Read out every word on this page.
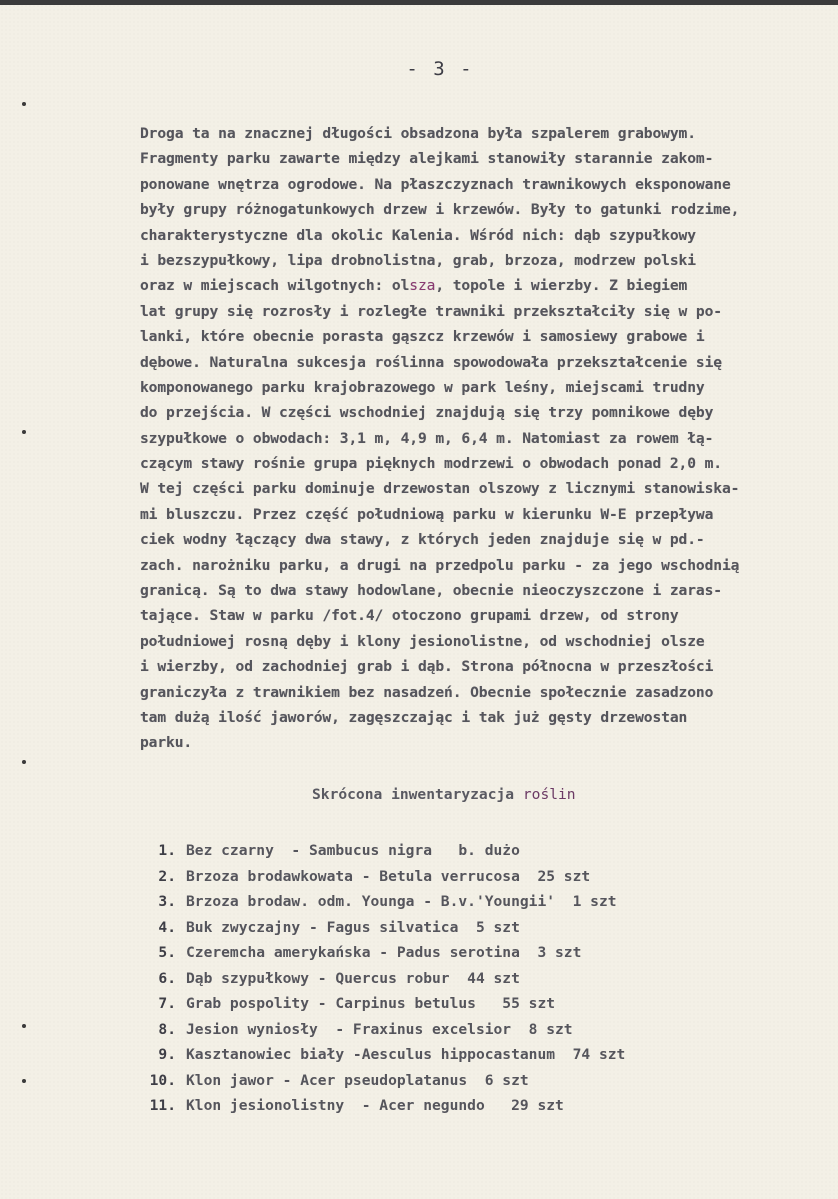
- 3 -
Droga ta na znacznej długości obsadzona była szpalerem grabowym.
Fragmenty parku zawarte między alejkami stanowiły starannie zakom-
ponowane wnętrza ogrodowe. Na płaszczyznach trawnikowych eksponowane
były grupy różnogatunkowych drzew i krzewów. Były to gatunki rodzime,
charakterystyczne dla okolic Kalenia. Wśród nich: dąb szypułkowy
i bezszypułkowy, lipa drobnolistna, grab, brzoza, modrzew polski
oraz w miejscach wilgotnych: olsza, topole i wierzby. Z biegiem
lat grupy się rozrosły i rozległe trawniki przekształciły się w po-
lanki, które obecnie porasta gąszcz krzewów i samosiewy grabowe i
dębowe. Naturalna sukcesja roślinna spowodowała przekształcenie się
komponowanego parku krajobrazowego w park leśny, miejscami trudny
do przejścia. W części wschodniej znajdują się trzy pomnikowe dęby
szypułkowe o obwodach: 3,1 m, 4,9 m, 6,4 m. Natomiast za rowem łą-
czącym stawy rośnie grupa pięknych modrzewi o obwodach ponad 2,0 m.
W tej części parku dominuje drzewostan olszowy z licznymi stanowiska-
mi bluszczu. Przez część południową parku w kierunku W-E przepływa
ciek wodny łączący dwa stawy, z których jeden znajduje się w pd.-
zach. narożniku parku, a drugi na przedpolu parku - za jego wschodnią
granicą. Są to dwa stawy hodowlane, obecnie nieoczyszczone i zaras-
tające. Staw w parku /fot.4/ otoczono grupami drzew, od strony
południowej rosną dęby i klony jesionolistne, od wschodniej olsze
i wierzby, od zachodniej grab i dąb. Strona północna w przeszłości
graniczyła z trawnikiem bez nasadzeń. Obecnie społecznie zasadzono
tam dużą ilość jaworów, zagęszczając i tak już gęsty drzewostan
parku.
Skrócona inwentaryzacja roślin
1. Bez czarny  - Sambucus nigra   b. dużo
2. Brzoza brodawkowata - Betula verrucosa  25 szt
3. Brzoza brodaw. odm. Younga - B.v.'Youngii'  1 szt
4. Buk zwyczajny - Fagus silvatica  5 szt
5. Czeremcha amerykańska - Padus serotina  3 szt
6. Dąb szypułkowy - Quercus robur  44 szt
7. Grab pospolity - Carpinus betulus   55 szt
8. Jesion wyniosły  - Fraxinus excelsior  8 szt
9. Kasztanowiec biały -Aesculus hippocastanum  74 szt
10. Klon jawor - Acer pseudoplatanus  6 szt
11. Klon jesionolistny  - Acer negundo   29 szt
